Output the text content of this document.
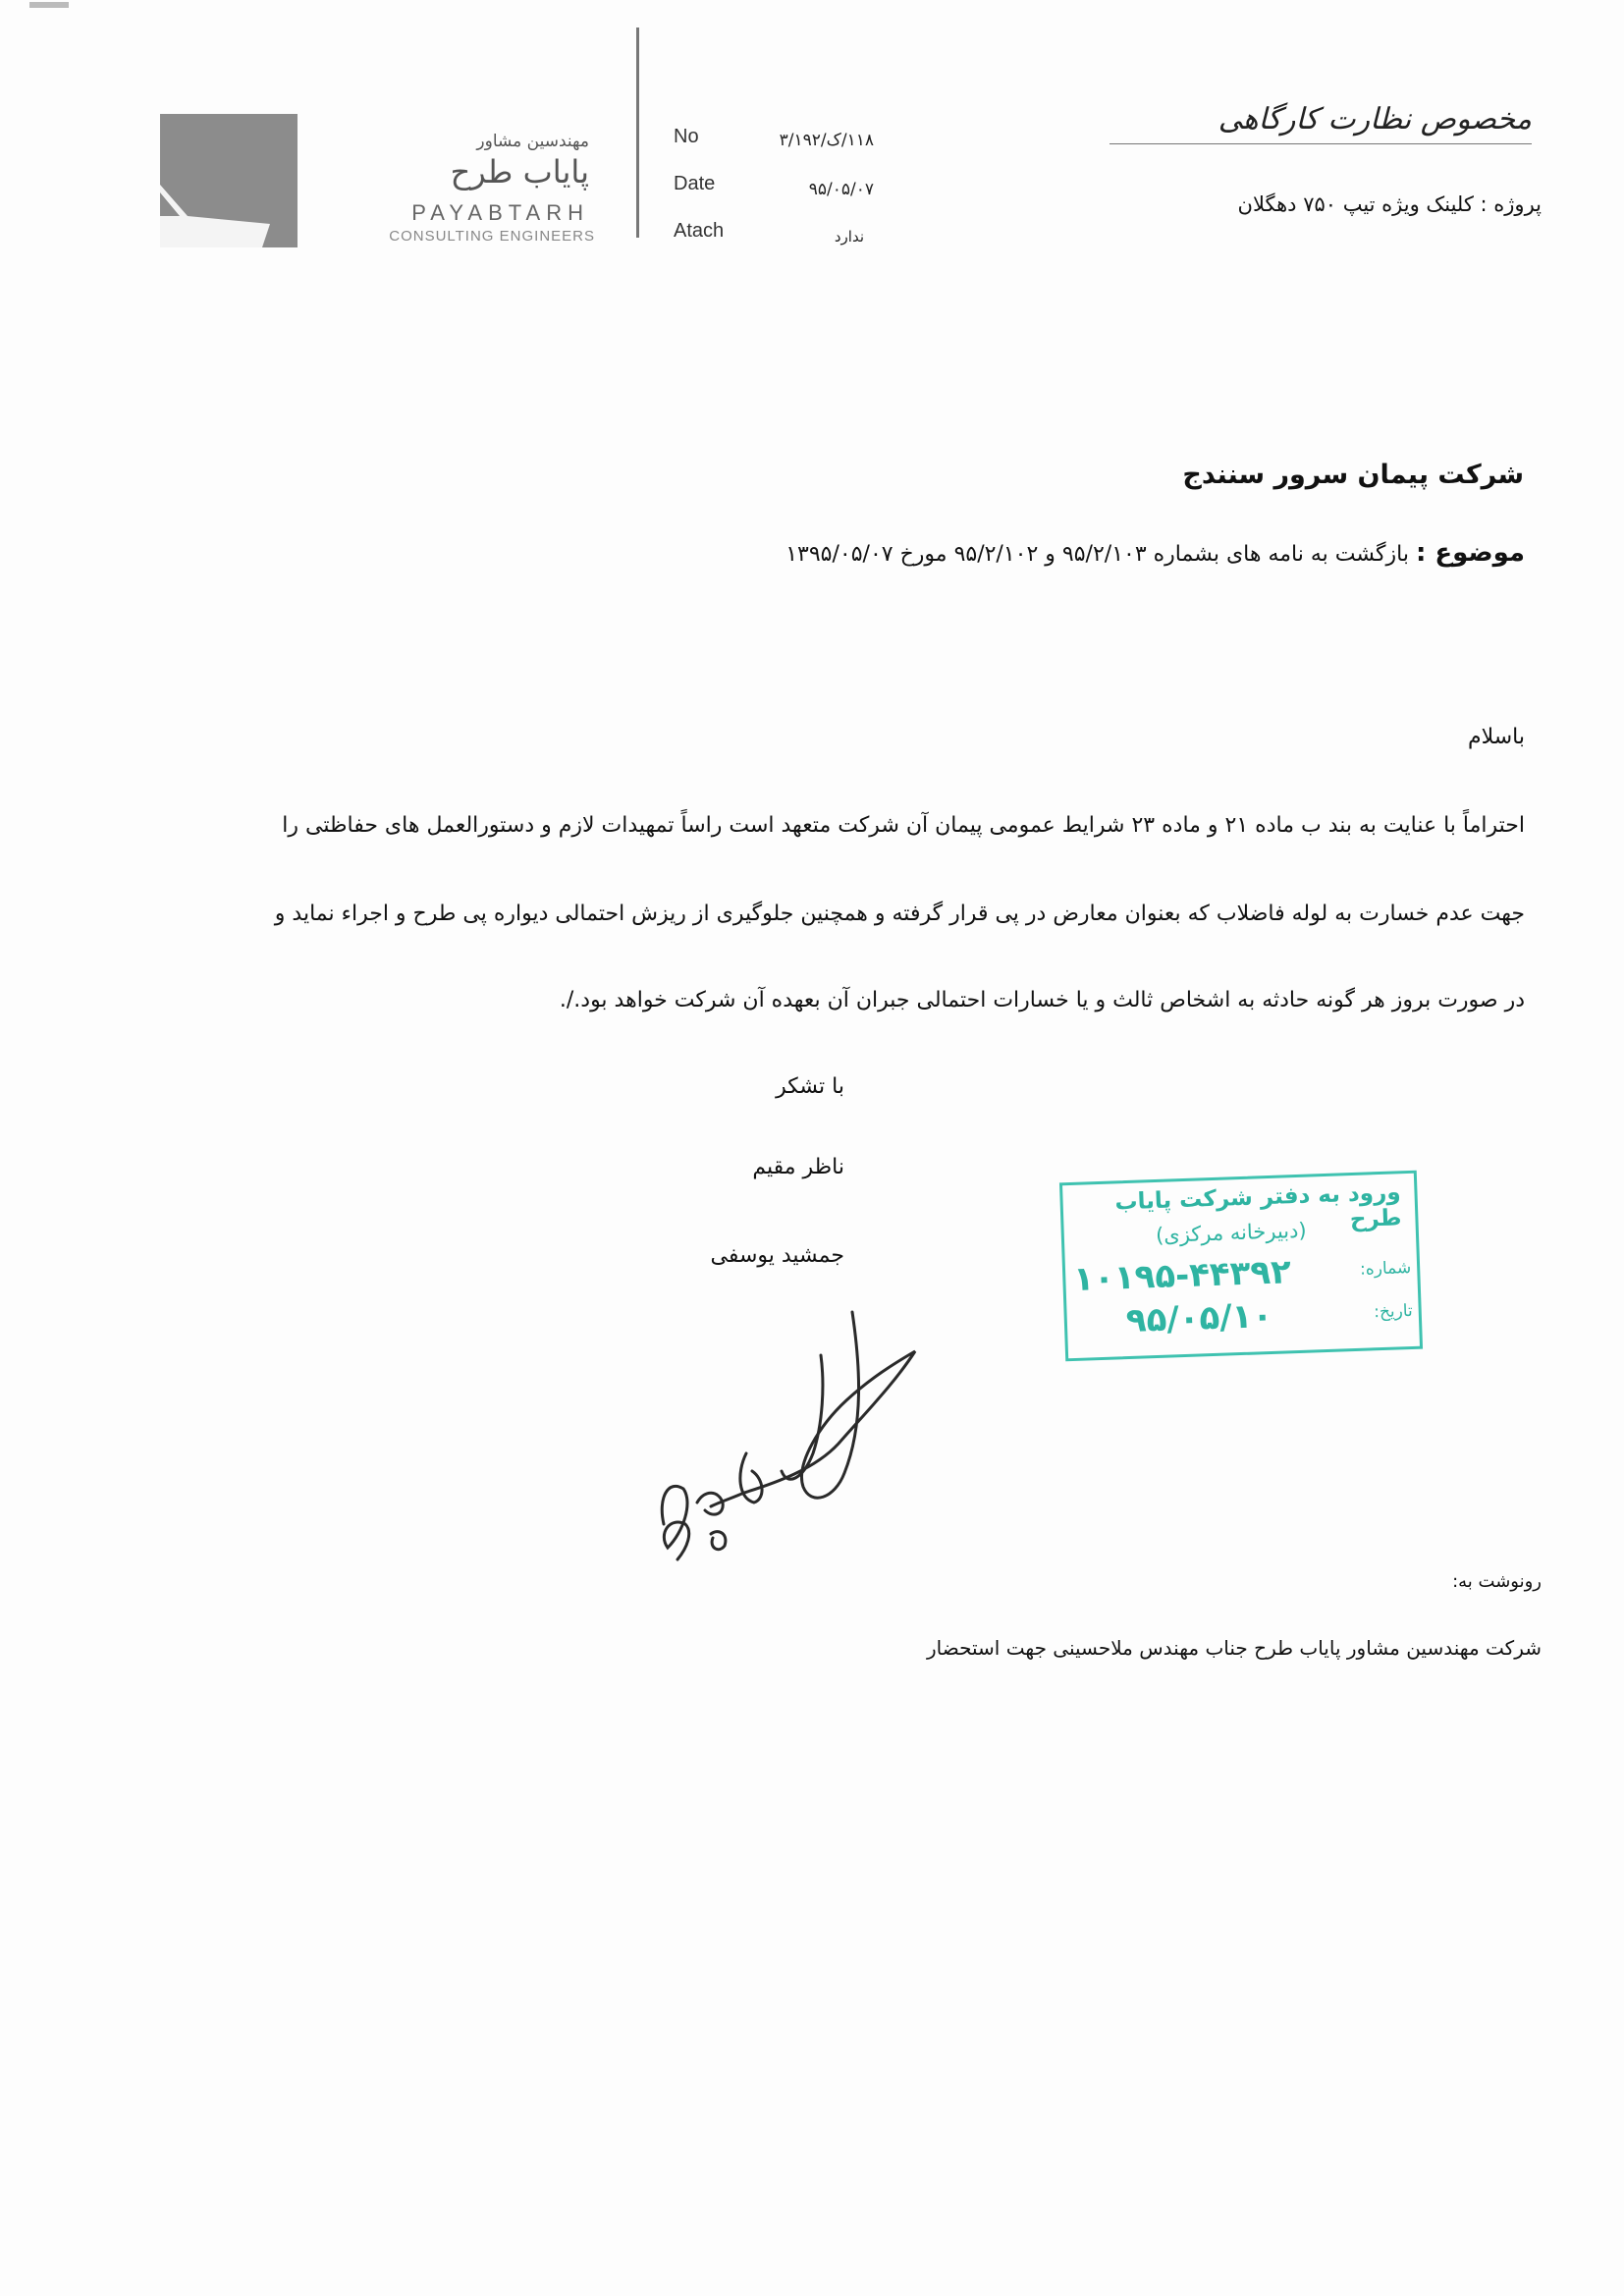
مهندسین مشاور
پایاب طرح
PAYABTARH
CONSULTING ENGINEERS
No	۱۱۸/ک/۳/۱۹۲
Date	۹۵/۰۵/۰۷
Atach	ندارد
مخصوص نظارت کارگاهی
پروژه : کلینک ویژه تیپ ۷۵۰ دهگلان
شرکت پیمان سرور سنندج
موضوع : بازگشت به نامه های بشماره ۹۵/۲/۱۰۳ و ۹۵/۲/۱۰۲ مورخ ۱۳۹۵/۰۵/۰۷
باسلام
احتراماً با عنایت به بند ب ماده ۲۱ و ماده ۲۳ شرایط عمومی پیمان آن شرکت متعهد است راساً تمهیدات لازم و دستورالعمل های حفاظتی را
جهت عدم خسارت به لوله فاضلاب که بعنوان معارض در پی قرار گرفته و همچنین جلوگیری از ریزش احتمالی دیواره پی طرح و اجراء نماید و
در صورت بروز هر گونه حادثه به اشخاص ثالث و یا خسارات احتمالی جبران آن بعهده آن شرکت خواهد بود./.
با تشکر
ناظر مقیم
جمشید یوسفی
ورود به دفتر شرکت پایاب طرح
(دبیرخانه مرکزی)
شماره:
۱۰۱۹۵-۴۴۳۹۲
تاریخ:
۹۵/۰۵/۱۰
رونوشت به:
شرکت مهندسین مشاور پایاب طرح جناب مهندس ملاحسینی جهت استحضار
